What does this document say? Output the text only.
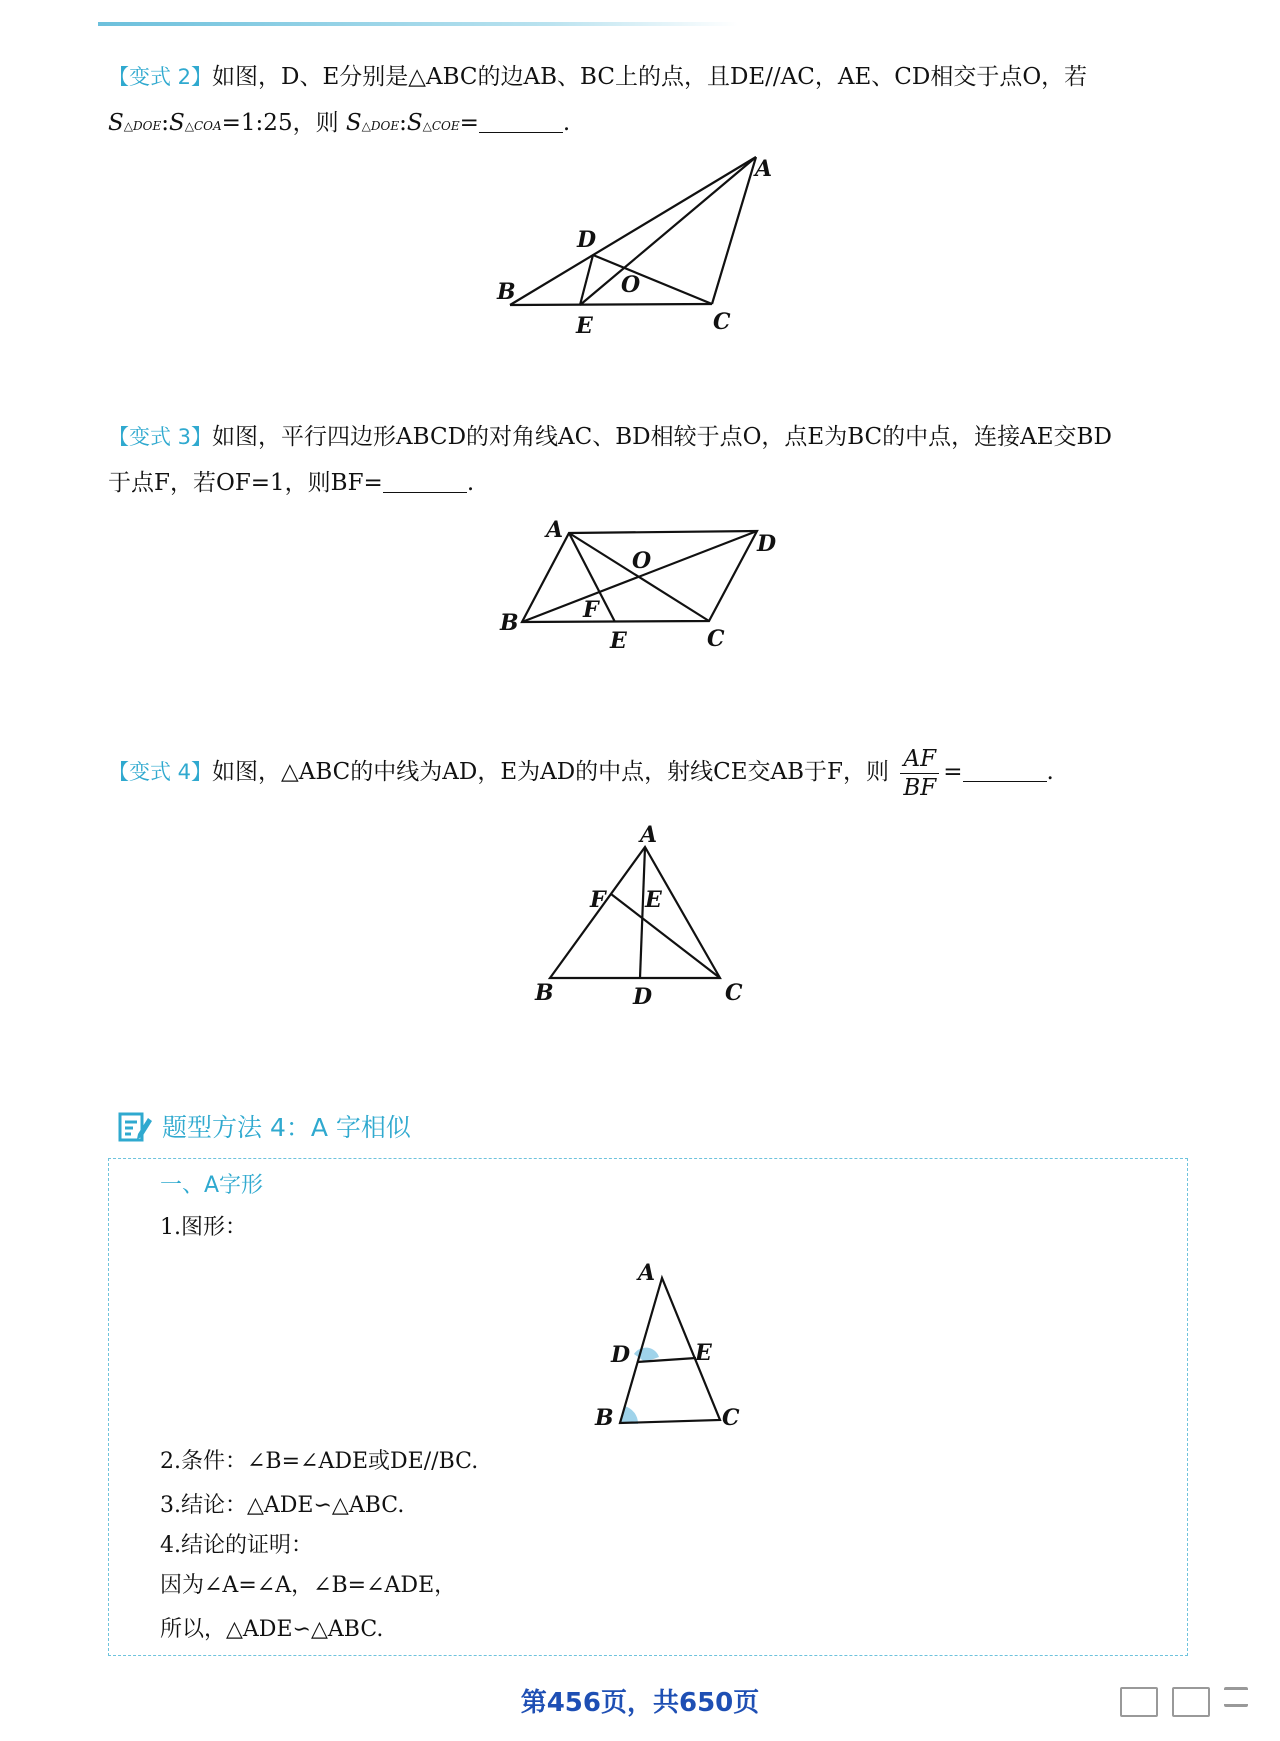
【变式 2】如图，D、E分别是△ABC的边AB、BC上的点，且DE//AC，AE、CD相交于点O，若
S△DOE:S△COA=1:25，则 S△DOE:S△COE=	.
A
D
B	O
E	C
【变式 3】如图，平行四边形ABCD的对角线AC、BD相较于点O，点E为BC的中点，连接AE交BD
于点F，若OF=1，则BF=	.
A
D
O
F
B
E	C
【变式 4】如图，△ABC的中线为AD，E为AD的中点，射线CE交AB于F，则 $\frac{AF}{BF}$ =	.
A
F E
B	D	C
题型方法 4：A 字相似
一、A字形
1.图形：
A
D	E
B	C
2.条件：∠B=∠ADE或DE//BC.
3.结论：△ADE∽△ABC.
4.结论的证明：
因为∠A=∠A，∠B=∠ADE，
所以，△ADE∽△ABC.
第456页，共650页
